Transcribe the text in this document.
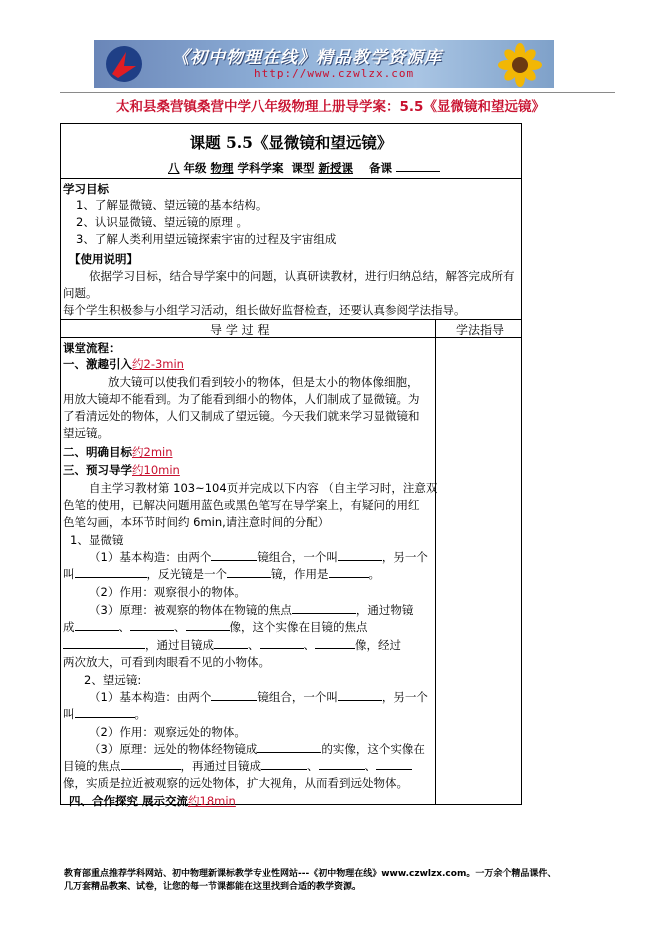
《初中物理在线》精品教学资源库
http://www.czwlzx.com
太和县桑营镇桑营中学八年级物理上册导学案：5.5《显微镜和望远镜》
课题 5.5《显微镜和望远镜》
八 年级 物理 学科学案  课型 新授课    备课
学习目标
1、了解显微镜、望远镜的基本结构。
2、认识显微镜、望远镜的原理 。
3、了解人类利用望远镜探索宇宙的过程及宇宙组成
【使用说明】
依据学习目标，结合导学案中的问题，认真研读教材，进行归纳总结，解答完成所有
问题。
每个学生积极参与小组学习活动，组长做好监督检查，还要认真参阅学法指导。
导 学 过 程	学法指导
课堂流程：
一、激趣引入约2-3min
放大镜可以使我们看到较小的物体，但是太小的物体像细胞，
用放大镜却不能看到。为了能看到细小的物体，人们制成了显微镜。为
了看清远处的物体，人们又制成了望远镜。今天我们就来学习显微镜和
望远镜。
二、明确目标约2min
三、预习导学约10min
自主学习教材第 103~104页并完成以下内容 （自主学习时，注意双
色笔的使用，已解决问题用蓝色或黑色笔写在导学案上，有疑问的用红
色笔勾画，本环节时间约 6min,请注意时间的分配）
1、显微镜
（1）基本构造：由两个	镜组合，一个叫	，另一个
叫	，反光镜是一个	镜，作用是	。
（2）作用：观察很小的物体。
（3）原理：被观察的物体在物镜的焦点	，通过物镜
成	、	、	像，这个实像在目镜的焦点
，通过目镜成	、	、	像，经过
两次放大，可看到肉眼看不见的小物体。
2、望远镜:
（1）基本构造：由两个	镜组合，一个叫	，另一个
叫	。
（2）作用：观察远处的物体。
（3）原理：远处的物体经物镜成	的实像，这个实像在
目镜的焦点	，再通过目镜成	、	、
像，实质是拉近被观察的远处物体，扩大视角，从而看到远处物体。
四、合作探究 展示交流约18min
教育部重点推荐学科网站、初中物理新课标教学专业性网站---《初中物理在线》www.czwlzx.com。一万余个精品课件、
几万套精品教案、试卷，让您的每一节课都能在这里找到合适的教学资源。
